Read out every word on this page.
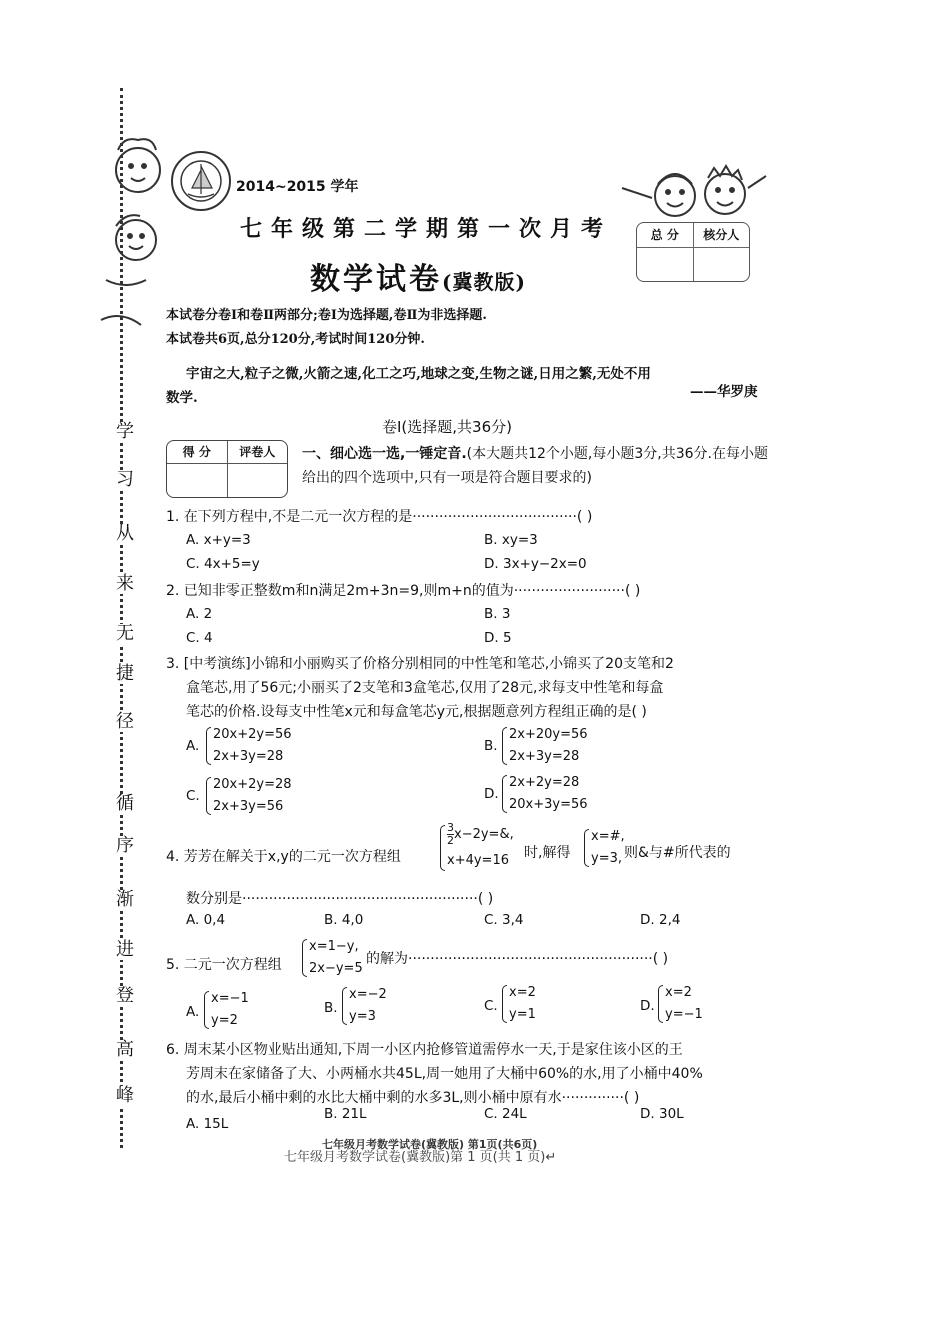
学
习
从
来
无
捷
径
循
序
渐
进
登
高
峰
2014~2015 学年
七年级第二学期第一次月考
数学试卷(冀教版)
总 分	核分人
本试卷分卷Ⅰ和卷Ⅱ两部分;卷Ⅰ为选择题,卷Ⅱ为非选择题.
本试卷共6页,总分120分,考试时间120分钟.
宇宙之大,粒子之微,火箭之速,化工之巧,地球之变,生物之谜,日用之繁,无处不用
数学.	——华罗庚
卷Ⅰ(选择题,共36分)
得 分	评卷人	一、细心选一选,一锤定音.(本大题共12个小题,每小题3分,共36分.在每小题给出的四个选项中,只有一项是符合题目要求的)
1. 在下列方程中,不是二元一次方程的是·····································( )
A. x+y=3	B. xy=3
C. 4x+5=y	D. 3x+y−2x=0
2. 已知非零正整数m和n满足2m+3n=9,则m+n的值为·························( )
A. 2	B. 3
C. 4	D. 5
3. [中考演练]小锦和小丽购买了价格分别相同的中性笔和笔芯,小锦买了20支笔和2
盒笔芯,用了56元;小丽买了2支笔和3盒笔芯,仅用了28元,求每支中性笔和每盒
笔芯的价格.设每支中性笔x元和每盒笔芯y元,根据题意列方程组正确的是( )
A.
20x+2y=56
2x+3y=28
B.
2x+20y=56
2x+3y=28
C.
20x+2y=28
2x+3y=56
D.
2x+2y=28
20x+3y=56
4. 芳芳在解关于x,y的二元一次方程组
$\frac{3}{2}$ x−2y=&,
x+4y=16	时,解得
x=#,
y=3, 则&与#所代表的
数分别是·····················································( )
A. 0,4	B. 4,0	C. 3,4	D. 2,4
5. 二元一次方程组
x=1−y,
2x−y=5
的解为·······················································( )
A.
x=−1
y=2
B.
x=−2
y=3
C.
x=2
y=1
D.
x=2
y=−1
6. 周末某小区物业贴出通知,下周一小区内抢修管道需停水一天,于是家住该小区的王
芳周末在家储备了大、小两桶水共45L,周一她用了大桶中60%的水,用了小桶中40%
的水,最后小桶中剩的水比大桶中剩的水多3L,则小桶中原有水··············( )
A. 15L
B. 21L	C. 24L	D. 30L
七年级月考数学试卷(冀教版) 第1页(共6页)
七年级月考数学试卷(冀教版)第 1 页(共 1 页)↵
